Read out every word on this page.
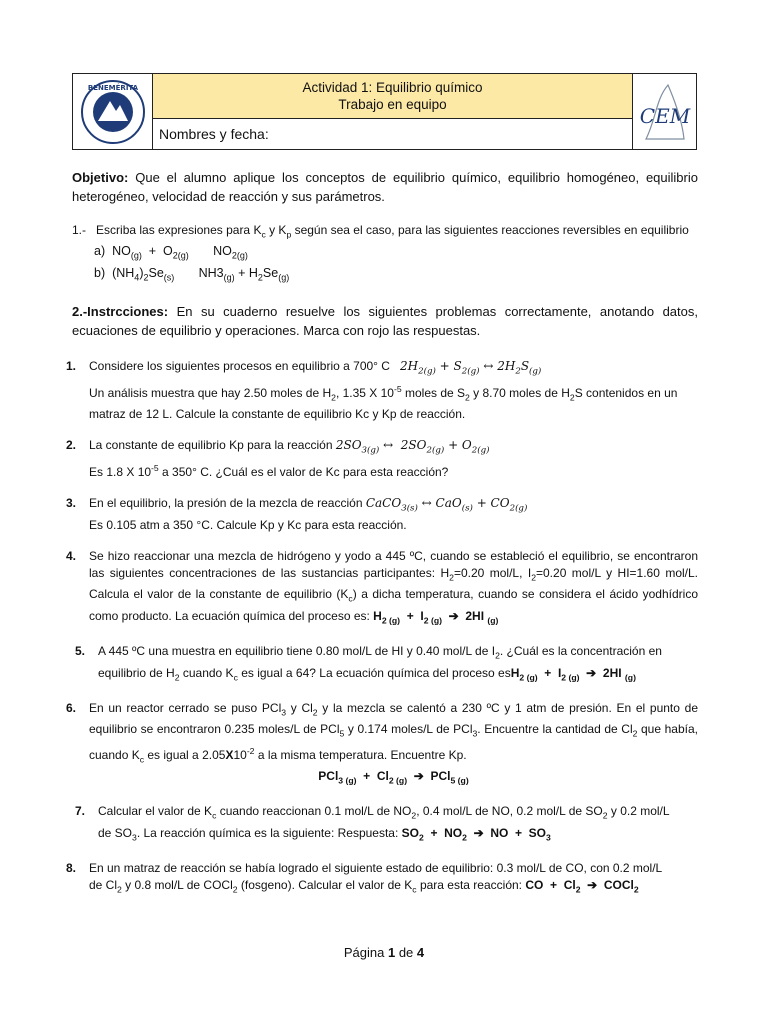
BENEMÉRITA	Actividad 1: Equilibrio químico
Trabajo en equipo
Nombres y fecha:
CEM

Objetivo: Que el alumno aplique los conceptos de equilibrio químico, equilibrio homogéneo, equilibrio heterogéneo, velocidad de reacción y sus parámetros.

1.- Escriba las expresiones para $K_c$ y $K_p$ según sea el caso, para las siguientes reacciones reversibles en equilibrio

a)  $NO_{(g)} + O_{2(g)}$       $NO_{2(g)}$

b)  $(NH_4)_2Se_{(s)}$       $NH3_{(g)} + H_2Se_{(g)}$

2.-Instrcciones: En su cuaderno resuelve los siguientes problemas correctamente, anotando datos, ecuaciones de equilibrio y operaciones. Marca con rojo las respuestas.

1. Considere los siguientes procesos en equilibrio a 700° C $2H_{2(g)} + S_{2(g)}$ ↔ $2H_2S_{(g)}$
Un análisis muestra que hay 2.50 moles de $H_2$, 1.35 X $10^{-5}$ moles de $S_2$ y 8.70 moles de $H_2S$ contenidos en un
matraz de 12 L. Calcule la constante de equilibrio Kc y Kp de reacción.
2. La constante de equilibrio Kp para la reacción $2SO_{3(g)}$ ↔  $2SO_{2(g)} + O_{2(g)}$
Es 1.8 X $10^{-5}$ a 350° C. ¿Cuál es el valor de Kc para esta reacción?
3. En el equilibrio, la presión de la mezcla de reacción CaCO$_{3(s)}$ ↔ $CaO_{(s)} + CO_{2(g)}$
Es 0.105 atm a 350 °C. Calcule Kp y Kc para esta reacción.
4. Se hizo reaccionar una mezcla de hidrógeno y yodo a 445 ºC, cuando se estableció el equilibrio, se encontraron las siguientes concentraciones de las sustancias participantes: $H_2=0.20$ mol/L, $I_2=0.20$ mol/L y HI=1.60 mol/L. Calcula el valor de la constante de equilibrio $(K_c)$ a dicha temperatura, cuando se considera el ácido yodhídrico como producto. La ecuación química del proceso es: $H_{2 (g)} + I_{2 (g)}$  ➔  2HI $_{(g)}$
5. A 445 ºC una muestra en equilibrio tiene 0.80 mol/L de HI y 0.40 mol/L de $I_2$. ¿Cuál es la concentración en
equilibrio de $H_2$ cuando $K_c$ es igual a 64? La ecuación química del proceso $esH_{2 (g)} + I_{2 (g)}$  ➔  2HI $_{(g)}$
6. En un reactor cerrado se puso PCl$_3$ y $Cl_2$ y la mezcla se calentó a 230 ºC y 1 atm de presión. En el punto de equilibrio se encontraron 0.235 moles/L de PCl$_5$ y 0.174 moles/L de PCl$_3$. Encuentre la cantidad de $Cl_2$ que había, cuando $K_c$ es igual a $2.05X10^{-2}$ a la misma temperatura. Encuentre Kp.
$PCl_{3 (g)} + Cl_{2 (g)}$  ➔  PCl$_{5 (g)}$
7. Calcular el valor de $K_c$ cuando reaccionan 0.1 mol/L de $NO_2$, 0.4 mol/L de NO, 0.2 mol/L de $SO_2$ y 0.2 mol/L
de $SO_3$. La reacción química es la siguiente: Respuesta: $SO_2 + NO_2$  ➔  NO  +  $SO_3$
8. En un matraz de reacción se había logrado el siguiente estado de equilibrio: 0.3 mol/L de CO, con 0.2 mol/L
de $Cl_2$ y 0.8 mol/L de COCl$_2$ (fosgeno). Calcular el valor de $K_c$ para esta reacción: CO  +  $Cl_2$  ➔  COCl$_2$
Página 1 de 4
